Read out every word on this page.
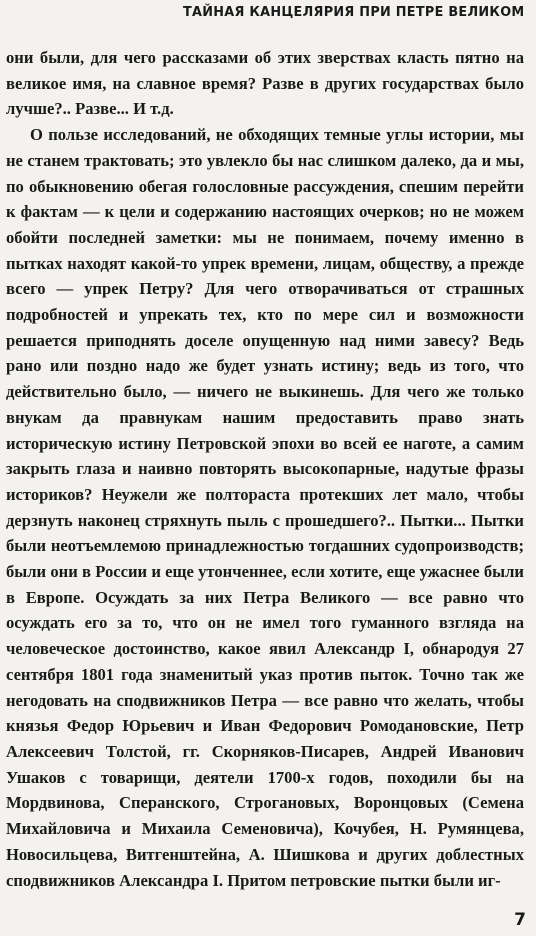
ТАЙНАЯ КАНЦЕЛЯРИЯ ПРИ ПЕТРЕ ВЕЛИКОМ

они были, для чего рассказами об этих зверствах класть пятно на великое имя, на славное время? Разве в других государствах было лучше?.. Разве... И т.д.

О пользе исследований, не обходящих темные углы истории, мы не станем трактовать; это увлекло бы нас слишком далеко, да и мы, по обыкновению обегая голословные рассуждения, спешим перейти к фактам — к цели и содержанию настоящих очерков; но не можем обойти последней заметки: мы не понимаем, почему именно в пытках находят какой-то упрек времени, лицам, обществу, а прежде всего — упрек Петру? Для чего отворачиваться от страшных подробностей и упрекать тех, кто по мере сил и возможности решается приподнять доселе опущенную над ними завесу? Ведь рано или поздно надо же будет узнать истину; ведь из того, что действительно было, — ничего не выкинешь. Для чего же только внукам да правнукам нашим предоставить право знать историческую истину Петровской эпохи во всей ее наготе, а самим закрыть глаза и наивно повторять высокопарные, надутые фразы историков? Неужели же полтораста протекших лет мало, чтобы дерзнуть наконец стряхнуть пыль с прошедшего?.. Пытки... Пытки были неотъемлемою принадлежностью тогдашних судопроизводств; были они в России и еще утонченнее, если хотите, еще ужаснее были в Европе. Осуждать за них Петра Великого — все равно что осуждать его за то, что он не имел того гуманного взгляда на человеческое достоинство, какое явил Александр I, обнародуя 27 сентября 1801 года знаменитый указ против пыток. Точно так же негодовать на сподвижников Петра — все равно что желать, чтобы князья Федор Юрьевич и Иван Федорович Ромодановские, Петр Алексеевич Толстой, гг. Скорняков-Писарев, Андрей Иванович Ушаков с товарищи, деятели 1700-х годов, походили бы на Мордвинова, Сперанского, Строгановых, Воронцовых (Семена Михайловича и Михаила Семеновича), Кочубея, Н. Румянцева, Новосильцева, Витгенштейна, А. Шишкова и других доблестных сподвижников Александра I. Притом петровские пытки были иг-

7
